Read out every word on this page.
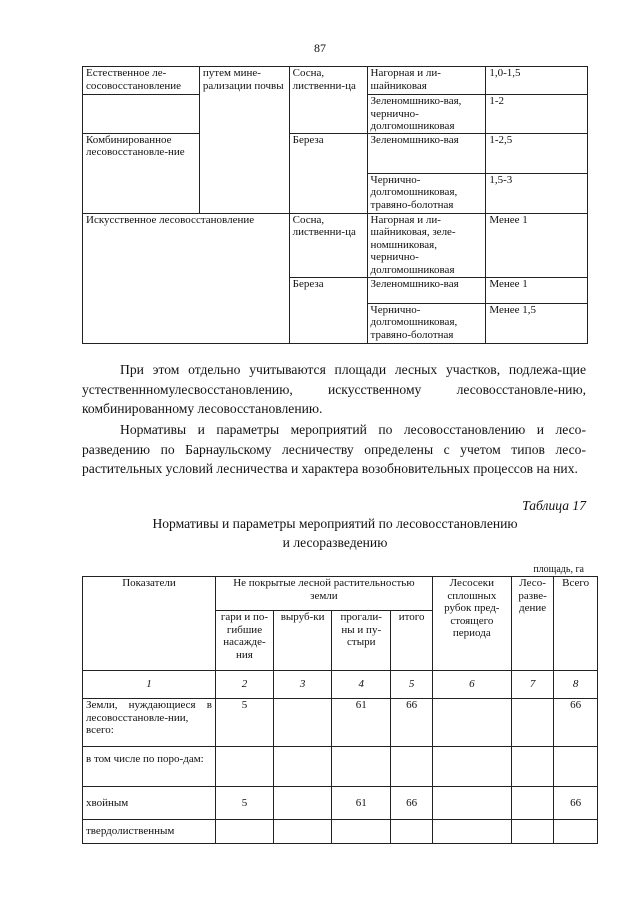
87
Естественное ле-сосовосстановление	путем мине-рализации почвы	Сосна, лиственни-ца	Нагорная и ли-шайниковая	1,0-1,5
			Зеленомшнико-вая, чернично-долгомошниковая	1-2
Комбинированное лесовосстановле-ние		Береза	Зеленомшнико-вая	1-2,5
			Чернично-долгомошниковая, травяно-болотная	1,5-3
Искусственное лесовосстановление		Сосна, лиственни-ца	Нагорная и ли-шайниковая, зеле-номшниковая, чернично-долгомошниковая	Менее 1
		Береза	Зеленомшнико-вая	Менее 1
			Чернично-долгомошниковая, травяно-болотная	Менее 1,5
При этом отдельно учитываются площади лесных участков, подлежа-щие устественнномулесвосстановлению, искусственному лесовосстановле-нию, комбинированному лесовосстановлению.
Нормативы и параметры мероприятий по лесовосстановлению и лесо-разведению по Барнаульскому лесничеству определены с учетом типов лесо-растительных условий лесничества и характера возобновительных процессов на них.
Таблица 17
Нормативы и параметры мероприятий по лесовосстановлению
и лесоразведению
площадь, га
Показатели	Не покрытые лесной растительностью земли				Лесосеки сплошных рубок пред-стоящего периода	Лесо-разве-дение	Всего
	гари и по-гибшие насажде-ния	выруб-ки	прогали-ны и пу-стыри	итого			
1	2	3	4	5	6	7	8
Земли, нуждающиеся в лесовосстановле-нии, всего:	5		61	66			66
в том числе по поро-дам:							
хвойным	5		61	66			66
твердолиственным							
